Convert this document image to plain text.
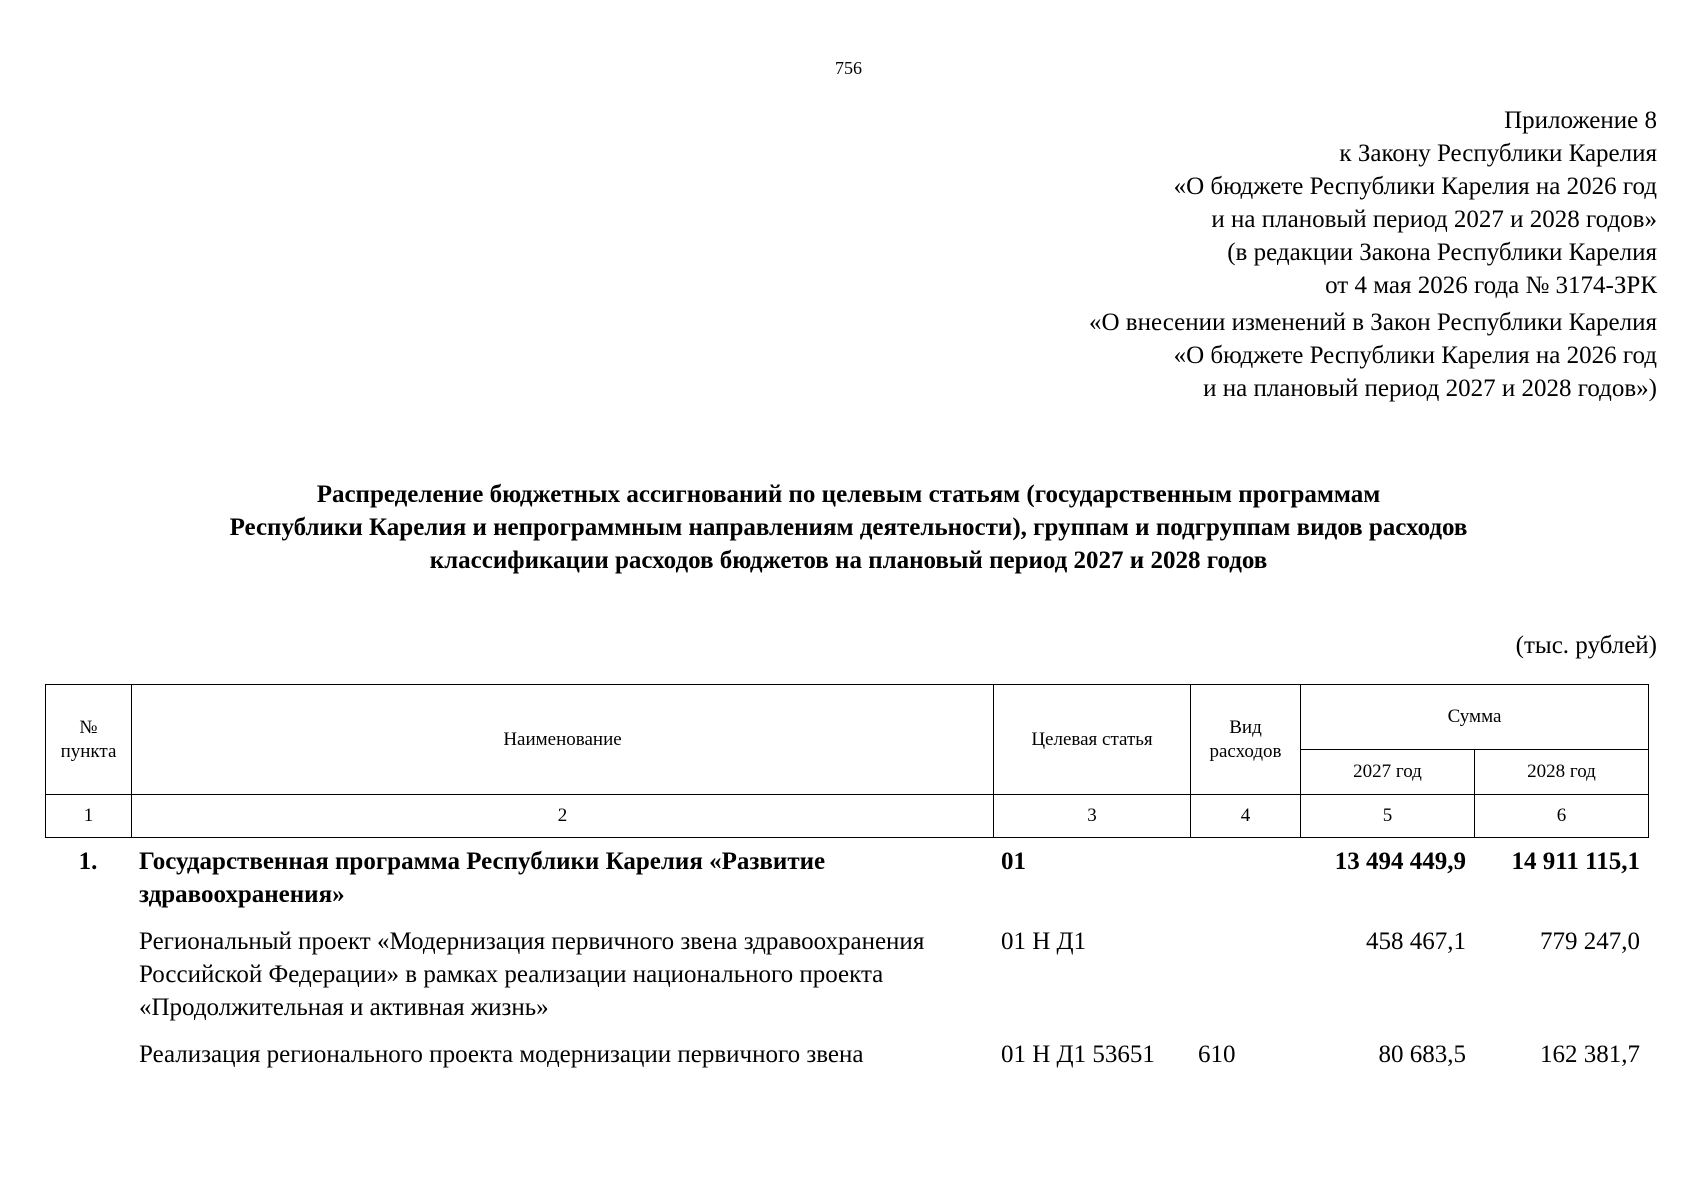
756
Приложение 8
к Закону Республики Карелия
«О бюджете Республики Карелия на 2026 год
и на плановый период 2027 и 2028 годов»
(в редакции Закона Республики Карелия
от 4 мая 2026 года № 3174-ЗРК
«О внесении изменений в Закон Республики Карелия
«О бюджете Республики Карелия на 2026 год
и на плановый период 2027 и 2028 годов»)
Распределение бюджетных ассигнований по целевым статьям (государственным программам
Республики Карелия и непрограммным направлениям деятельности), группам и подгруппам видов расходов
классификации расходов бюджетов на плановый период 2027 и 2028 годов
(тыс. рублей)
№ пункта	Наименование	Целевая статья	Вид расходов	Сумма	
				2027 год	2028 год
1	2	3	4	5	6
1.	Государственная программа Республики Карелия «Развитие здравоохранения»	01		13 494 449,9	14 911 115,1
	Региональный проект «Модернизация первичного звена здравоохранения Российской Федерации» в рамках реализации национального проекта «Продолжительная и активная жизнь»	01 Н Д1		458 467,1	779 247,0
	Реализация регионального проекта модернизации первичного звена	01 Н Д1 53651	610	80 683,5	162 381,7
